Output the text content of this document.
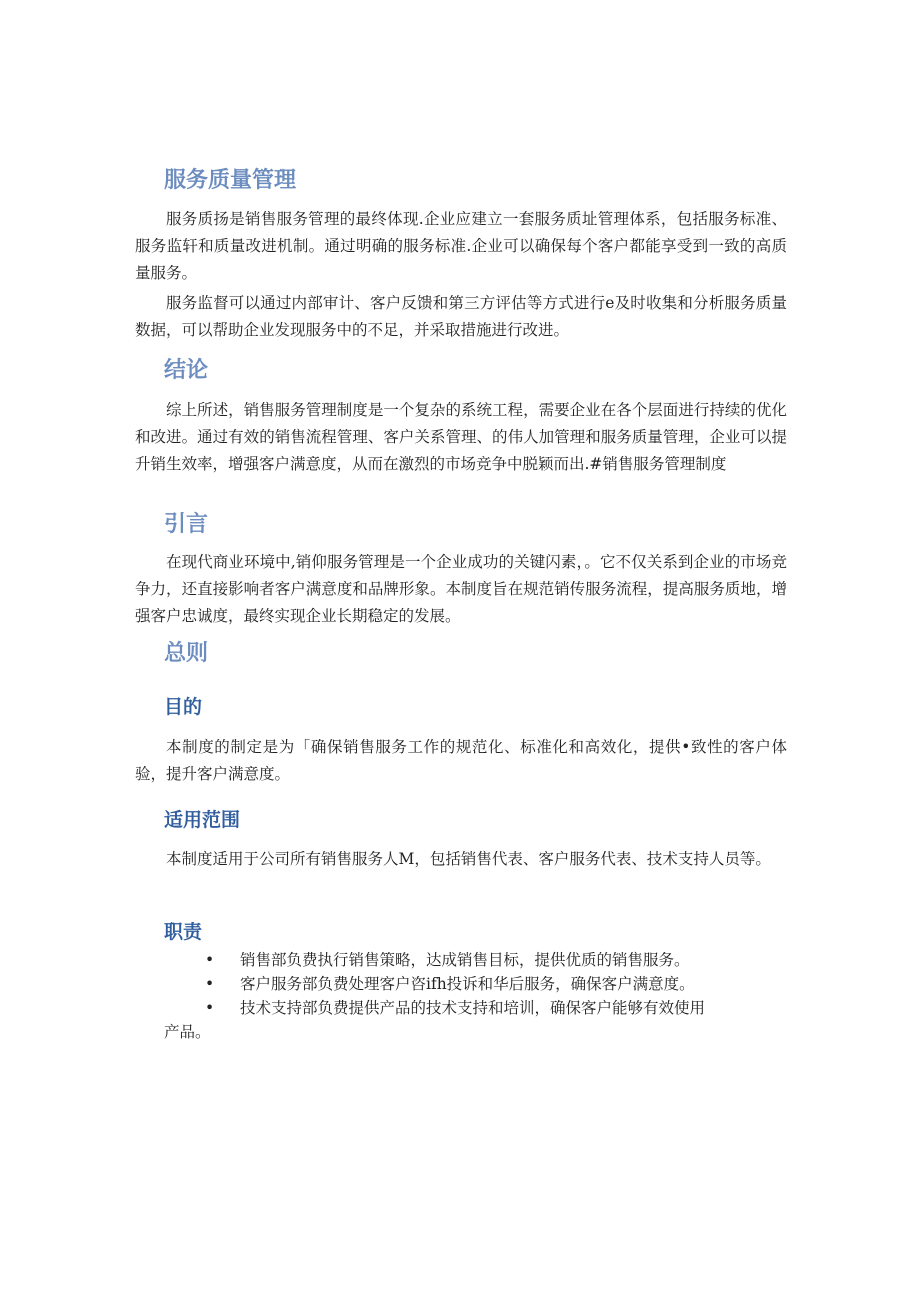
服务质量管理

服务质扬是销售服务管理的最终体现.企业应建立一套服务质址管理体系，包括服务标准、服务监轩和质量改进机制。通过明确的服务标准.企业可以确保每个客户都能享受到一致的高质量服务。

服务监督可以通过内部审计、客户反馈和第三方评估等方式进行e及时收集和分析服务质量数据，可以帮助企业发现服务中的不足，并采取措施进行改进。

结论

综上所述，销售服务管理制度是一个复杂的系统工程，需要企业在各个层面进行持续的优化和改进。通过有效的销售流程管理、客户关系管理、的伟人加管理和服务质量管理，企业可以提升销生效率，增强客户满意度，从而在激烈的市场竞争中脱颖而出.#销售服务管理制度

引言

在现代商业环境中,销仰服务管理是一个企业成功的关键闪素，。它不仅关系到企业的市场竞争力，还直接影响者客户满意度和品牌形象。本制度旨在规范销传服务流程，提高服务质地，增强客户忠诚度，最终实现企业长期稳定的发展。

总则
目的

本制度的制定是为「确保销售服务工作的规范化、标准化和高效化，提供•致性的客户体验，提升客户满意度。

适用范围

本制度适用于公司所有销售服务人M，包括销售代表、客户服务代表、技术支持人员等。

职责
• 销售部负费执行销售策略，达成销售目标，提供优质的销售服务。
• 客户服务部负费处理客户咨ifh投诉和华后服务，确保客户满意度。
• 技术支持部负费提供产品的技术支持和培训，确保客户能够有效使用

产品。
